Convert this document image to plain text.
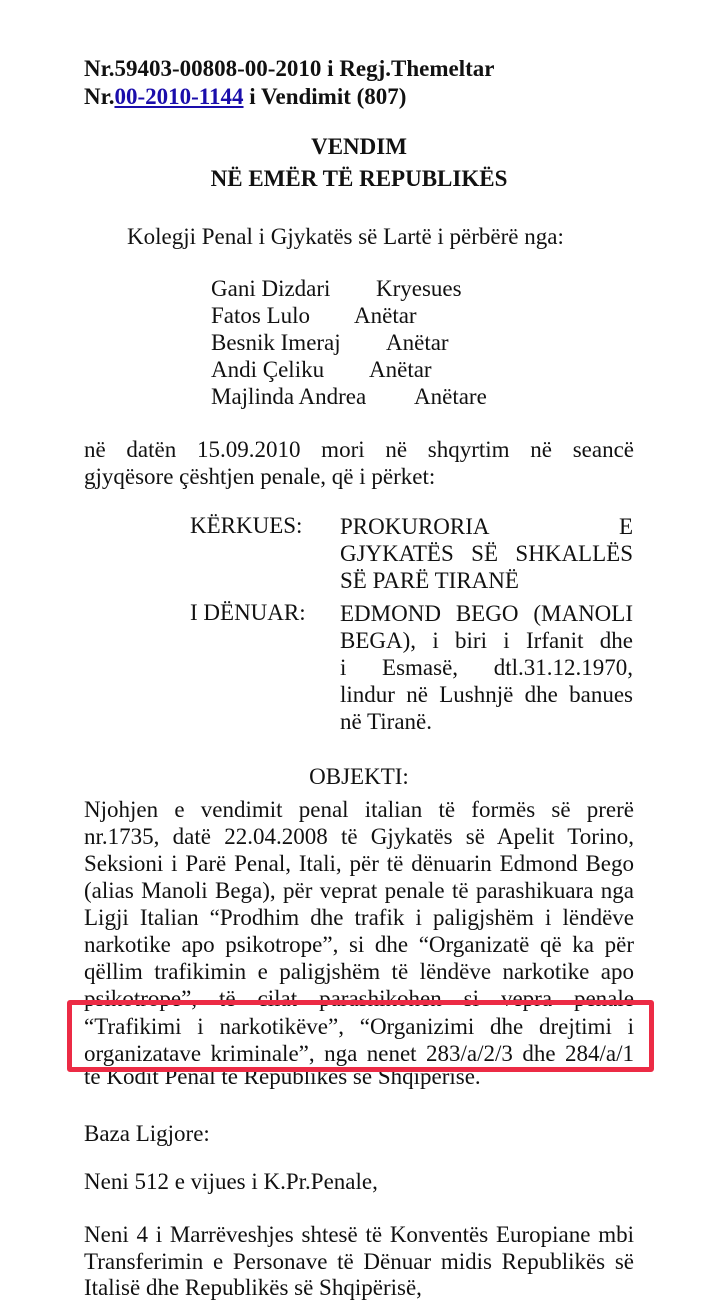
Nr.59403-00808-00-2010 i Regj.Themeltar
Nr.00-2010-1144 i Vendimit (807)
VENDIM
NË EMËR TË REPUBLIKËS
Kolegji Penal i Gjykatës së Lartë i përbërë nga:
Gani Dizdari Kryesues
Fatos Lulo Anëtar
Besnik Imeraj Anëtar
Andi Çeliku Anëtar
Majlinda Andrea Anëtare
në datën 15.09.2010 mori në shqyrtim në seancë
gjyqësore çështjen penale, që i përket:
KËRKUES: PROKURORIA E
GJYKATËS SË SHKALLËS
SË PARË TIRANË
I DËNUAR: EDMOND BEGO (MANOLI
BEGA), i biri i Irfanit dhe
i Esmasë, dtl.31.12.1970,
lindur në Lushnjë dhe banues
në Tiranë.
OBJEKTI:
Njohjen e vendimit penal italian të formës së prerë
nr.1735, datë 22.04.2008 të Gjykatës së Apelit Torino,
Seksioni i Parë Penal, Itali, për të dënuarin Edmond Bego
(alias Manoli Bega), për veprat penale të parashikuara nga
Ligji Italian “Prodhim dhe trafik i paligjshëm i lëndëve
narkotike apo psikotrope”, si dhe “Organizatë që ka për
qëllim trafikimin e paligjshëm të lëndëve narkotike apo
psikotrope”, të cilat parashikohen si vepra penale
“Trafikimi i narkotikëve”, “Organizimi dhe drejtimi i
organizatave kriminale”, nga nenet 283/a/2/3 dhe 284/a/1
të Kodit Penal të Republikës së Shqipërisë.
Baza Ligjore:
Neni 512 e vijues i K.Pr.Penale,
Neni 4 i Marrëveshjes shtesë të Konventës Europiane mbi
Transferimin e Personave të Dënuar midis Republikës së
Italisë dhe Republikës së Shqipërisë,
